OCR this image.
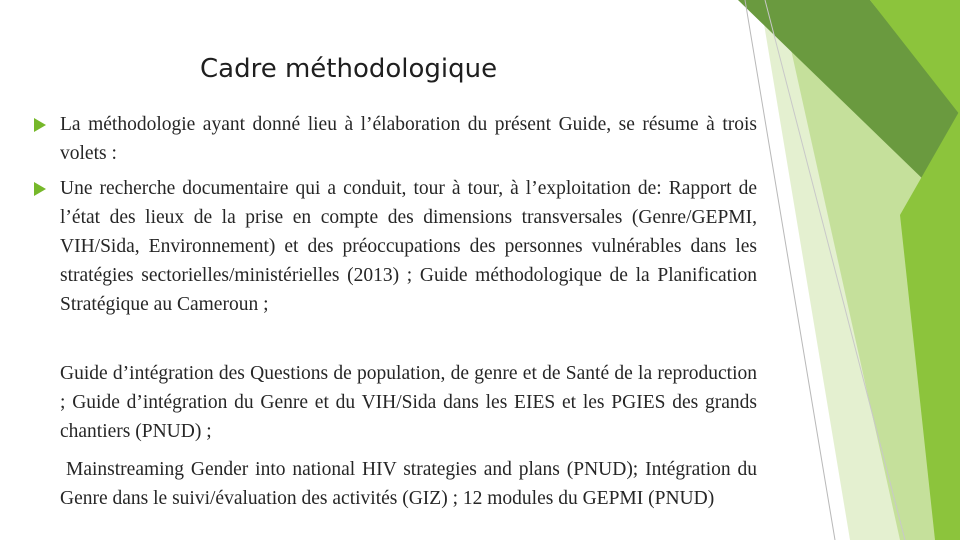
Cadre méthodologique
La méthodologie ayant donné lieu à l’élaboration du présent Guide, se résume à trois volets :
Une recherche documentaire qui a conduit, tour à tour, à l’exploitation de: Rapport de l’état des lieux de la prise en compte des dimensions transversales (Genre/GEPMI, VIH/Sida, Environnement) et des préoccupations des personnes vulnérables dans les stratégies sectorielles/ministérielles (2013) ; Guide méthodologique de la Planification Stratégique au Cameroun ;
Guide d’intégration des Questions de population, de genre et de Santé de la reproduction ; Guide d’intégration du Genre et du VIH/Sida dans les EIES et les PGIES des grands chantiers (PNUD) ;
Mainstreaming Gender into national HIV strategies and plans (PNUD); Intégration du Genre dans le suivi/évaluation des activités (GIZ) ; 12 modules du GEPMI (PNUD)
